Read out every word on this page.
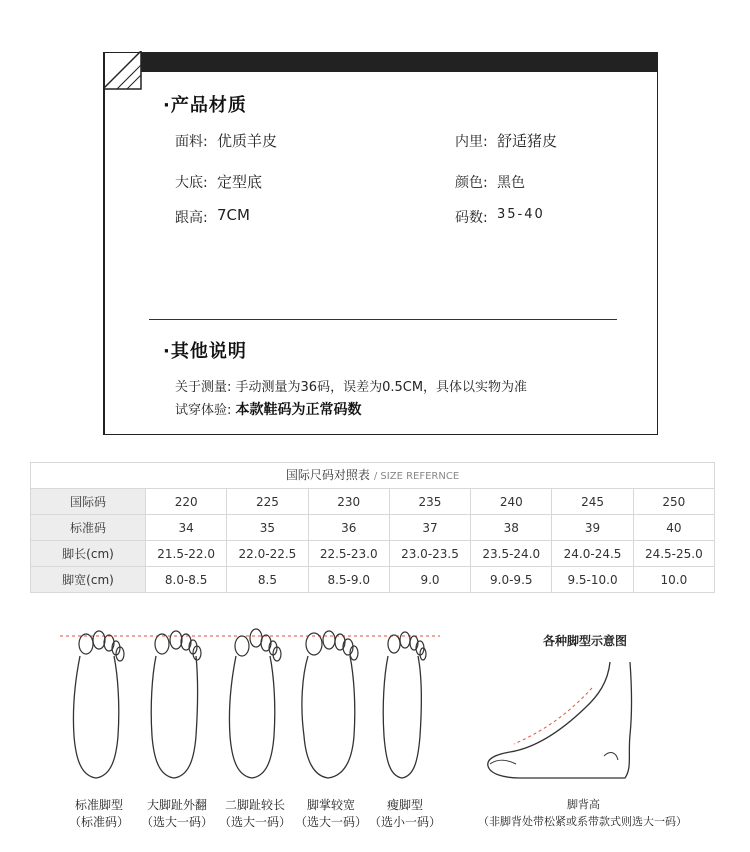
·产品材质
面料: 优质羊皮
大底: 定型底
跟高: 7CM
内里: 舒适猪皮
颜色: 黑色
码数: 35-40
·其他说明
关于测量: 手动测量为36码，误差为0.5CM，具体以实物为准
试穿体验: 本款鞋码为正常码数
国际尺码对照表 / SIZE REFERNCE
国际码	220	225	230	235	240	245	250
标准码	34	35	36	37	38	39	40
脚长(cm)	21.5-22.0	22.0-22.5	22.5-23.0	23.0-23.5	23.5-24.0	24.0-24.5	24.5-25.0
脚宽(cm)	8.0-8.5	8.5	8.5-9.0	9.0	9.0-9.5	9.5-10.0	10.0
各种脚型示意图
脚背高
（非脚背处带松紧或系带款式则选大一码）
标准脚型
（标准码）
大脚趾外翻
（选大一码）
二脚趾较长
（选大一码）
脚掌较宽
（选大一码）
瘦脚型
（选小一码）
